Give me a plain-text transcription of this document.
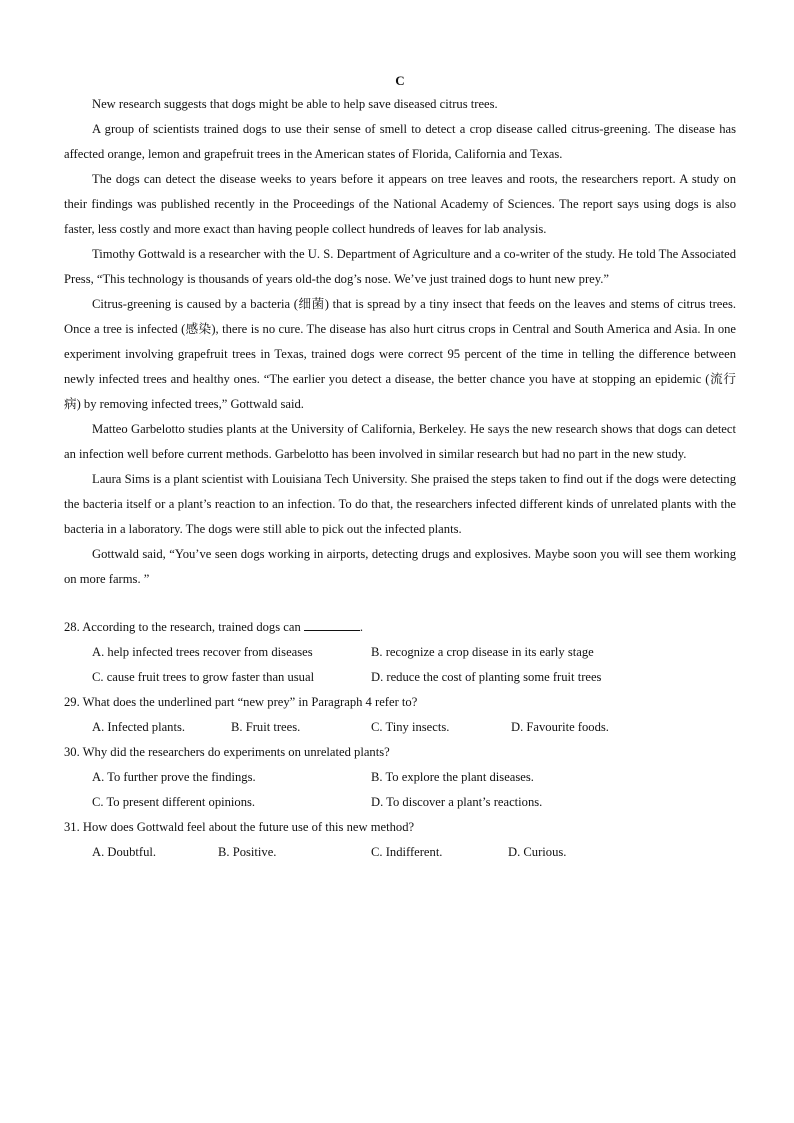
C

New research suggests that dogs might be able to help save diseased citrus trees.

A group of scientists trained dogs to use their sense of smell to detect a crop disease called citrus-greening. The disease has affected orange, lemon and grapefruit trees in the American states of Florida, California and Texas.

The dogs can detect the disease weeks to years before it appears on tree leaves and roots, the researchers report. A study on their findings was published recently in the Proceedings of the National Academy of Sciences. The report says using dogs is also faster, less costly and more exact than having people collect hundreds of leaves for lab analysis.

Timothy Gottwald is a researcher with the U. S. Department of Agriculture and a co-writer of the study. He told The Associated Press, “This technology is thousands of years old-the dog’s nose. We’ve just trained dogs to hunt new prey.”

Citrus-greening is caused by a bacteria (细菌) that is spread by a tiny insect that feeds on the leaves and stems of citrus trees. Once a tree is infected (感染), there is no cure. The disease has also hurt citrus crops in Central and South America and Asia. In one experiment involving grapefruit trees in Texas, trained dogs were correct 95 percent of the time in telling the difference between newly infected trees and healthy ones. “The earlier you detect a disease, the better chance you have at stopping an epidemic (流行病) by removing infected trees,” Gottwald said.

Matteo Garbelotto studies plants at the University of California, Berkeley. He says the new research shows that dogs can detect an infection well before current methods. Garbelotto has been involved in similar research but had no part in the new study.

Laura Sims is a plant scientist with Louisiana Tech University. She praised the steps taken to find out if the dogs were detecting the bacteria itself or a plant’s reaction to an infection. To do that, the researchers infected different kinds of unrelated plants with the bacteria in a laboratory. The dogs were still able to pick out the infected plants.

Gottwald said, “You’ve seen dogs working in airports, detecting drugs and explosives. Maybe soon you will see them working on more farms. ”

28. According to the research, trained dogs can	.

A. help infected trees recover from diseases	B. recognize a crop disease in its early stage
C. cause fruit trees to grow faster than usual	D. reduce the cost of planting some fruit trees

29. What does the underlined part “new prey” in Paragraph 4 refer to?

A. Infected plants.	B. Fruit trees.	C. Tiny insects.	D. Favourite foods.

30. Why did the researchers do experiments on unrelated plants?

A. To further prove the findings.	B. To explore the plant diseases.
C. To present different opinions.	D. To discover a plant’s reactions.

31. How does Gottwald feel about the future use of this new method?

A. Doubtful.	B. Positive.	C. Indifferent.	D. Curious.
